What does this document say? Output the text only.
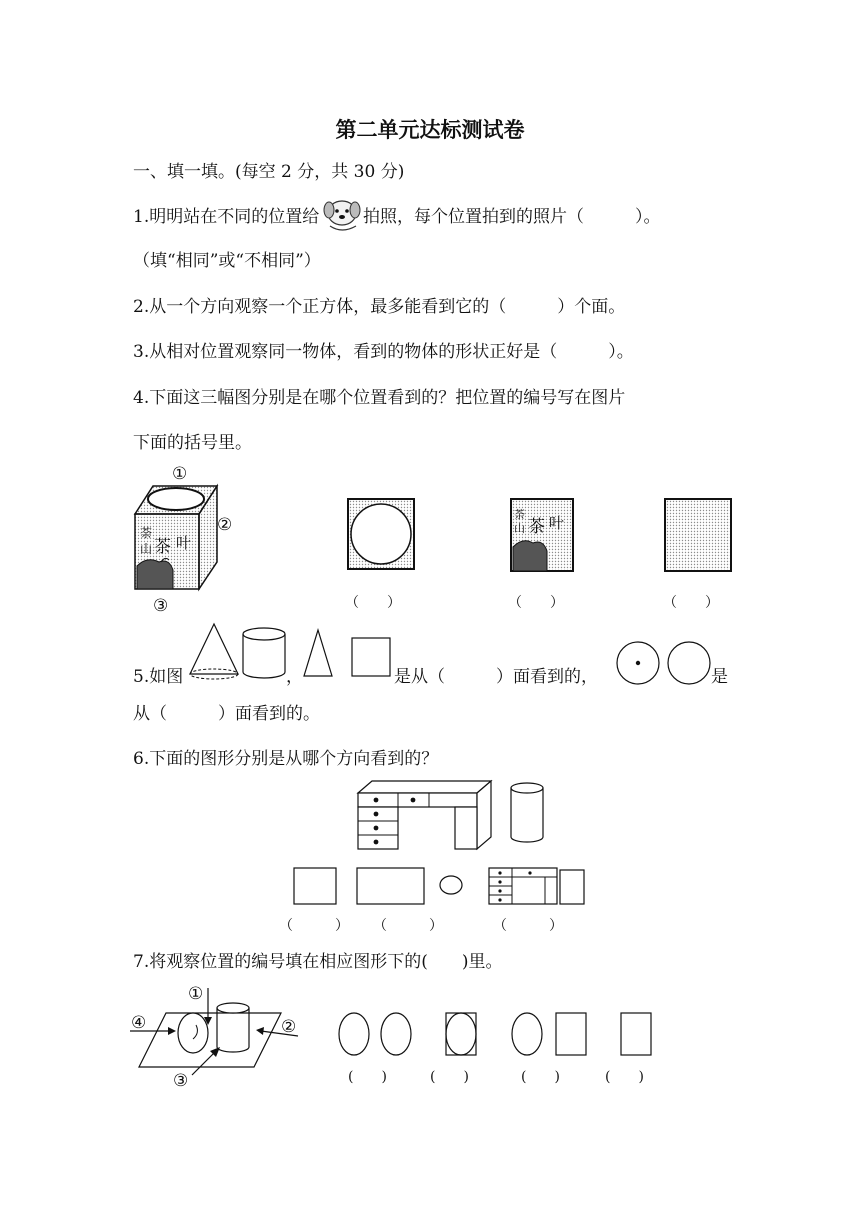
第二单元达标测试卷
一、填一填。(每空 2 分，共 30 分)
1.明明站在不同的位置给	拍照，每个位置拍到的照片（　　　）。
（填“相同”或“不相同”）
2.从一个方向观察一个正方体，最多能看到它的（　　　）个面。
3.从相对位置观察同一物体，看到的物体的形状正好是（　　　）。
4.下面这三幅图分别是在哪个位置看到的？把位置的编号写在图片
下面的括号里。
荼
山 茶 叶
①
②
③
荼
山 茶 叶
（　　）	（　　）	（　　）
5.如图	，	是从（　　　）面看到的，	是
从（　　　）面看到的。
6.下面的图形分别是从哪个方向看到的？
（　　　） （　　　）	（　　　）
7.将观察位置的编号填在相应图形下的(　　)里。
①
②
③
④
(　　)	(　　)	(　　)	(　　)
